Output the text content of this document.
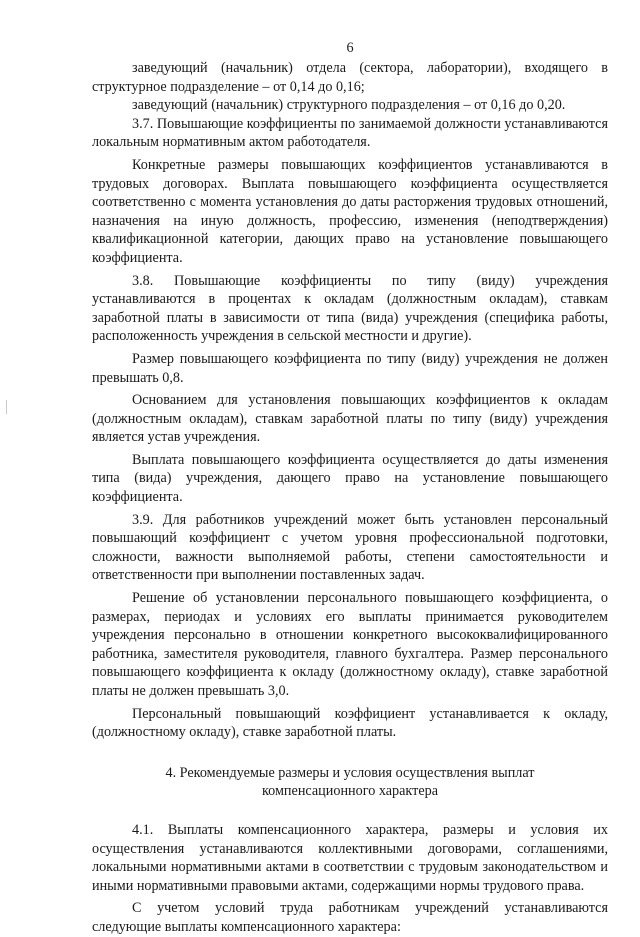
6

заведующий (начальник) отдела (сектора, лаборатории), входящего в структурное подразделение – от 0,14 до 0,16;

заведующий (начальник) структурного подразделения – от 0,16 до 0,20.

3.7. Повышающие коэффициенты по занимаемой должности устанавливаются локальным нормативным актом работодателя.

Конкретные размеры повышающих коэффициентов устанавливаются в трудовых договорах. Выплата повышающего коэффициента осуществляется соответственно с момента установления до даты расторжения трудовых отношений, назначения на иную должность, профессию, изменения (неподтверждения) квалификационной категории, дающих право на установление повышающего коэффициента.

3.8. Повышающие коэффициенты по типу (виду) учреждения устанавливаются в процентах к окладам (должностным окладам), ставкам заработной платы в зависимости от типа (вида) учреждения (специфика работы, расположенность учреждения в сельской местности и другие).

Размер повышающего коэффициента по типу (виду) учреждения не должен превышать 0,8.

Основанием для установления повышающих коэффициентов к окладам (должностным окладам), ставкам заработной платы по типу (виду) учреждения является устав учреждения.

Выплата повышающего коэффициента осуществляется до даты изменения типа (вида) учреждения, дающего право на установление повышающего коэффициента.

3.9. Для работников учреждений может быть установлен персональный повышающий коэффициент с учетом уровня профессиональной подготовки, сложности, важности выполняемой работы, степени самостоятельности и ответственности при выполнении поставленных задач.

Решение об установлении персонального повышающего коэффициента, о размерах, периодах и условиях его выплаты принимается руководителем учреждения персонально в отношении конкретного высококвалифицированного работника, заместителя руководителя, главного бухгалтера. Размер персонального повышающего коэффициента к окладу (должностному окладу), ставке заработной платы не должен превышать 3,0.

Персональный повышающий коэффициент устанавливается к окладу, (должностному окладу), ставке заработной платы.

4. Рекомендуемые размеры и условия осуществления выплат
компенсационного характера

4.1. Выплаты компенсационного характера, размеры и условия их осуществления устанавливаются коллективными договорами, соглашениями, локальными нормативными актами в соответствии с трудовым законодательством и иными нормативными правовыми актами, содержащими нормы трудового права.

С учетом условий труда работникам учреждений устанавливаются следующие выплаты компенсационного характера:
